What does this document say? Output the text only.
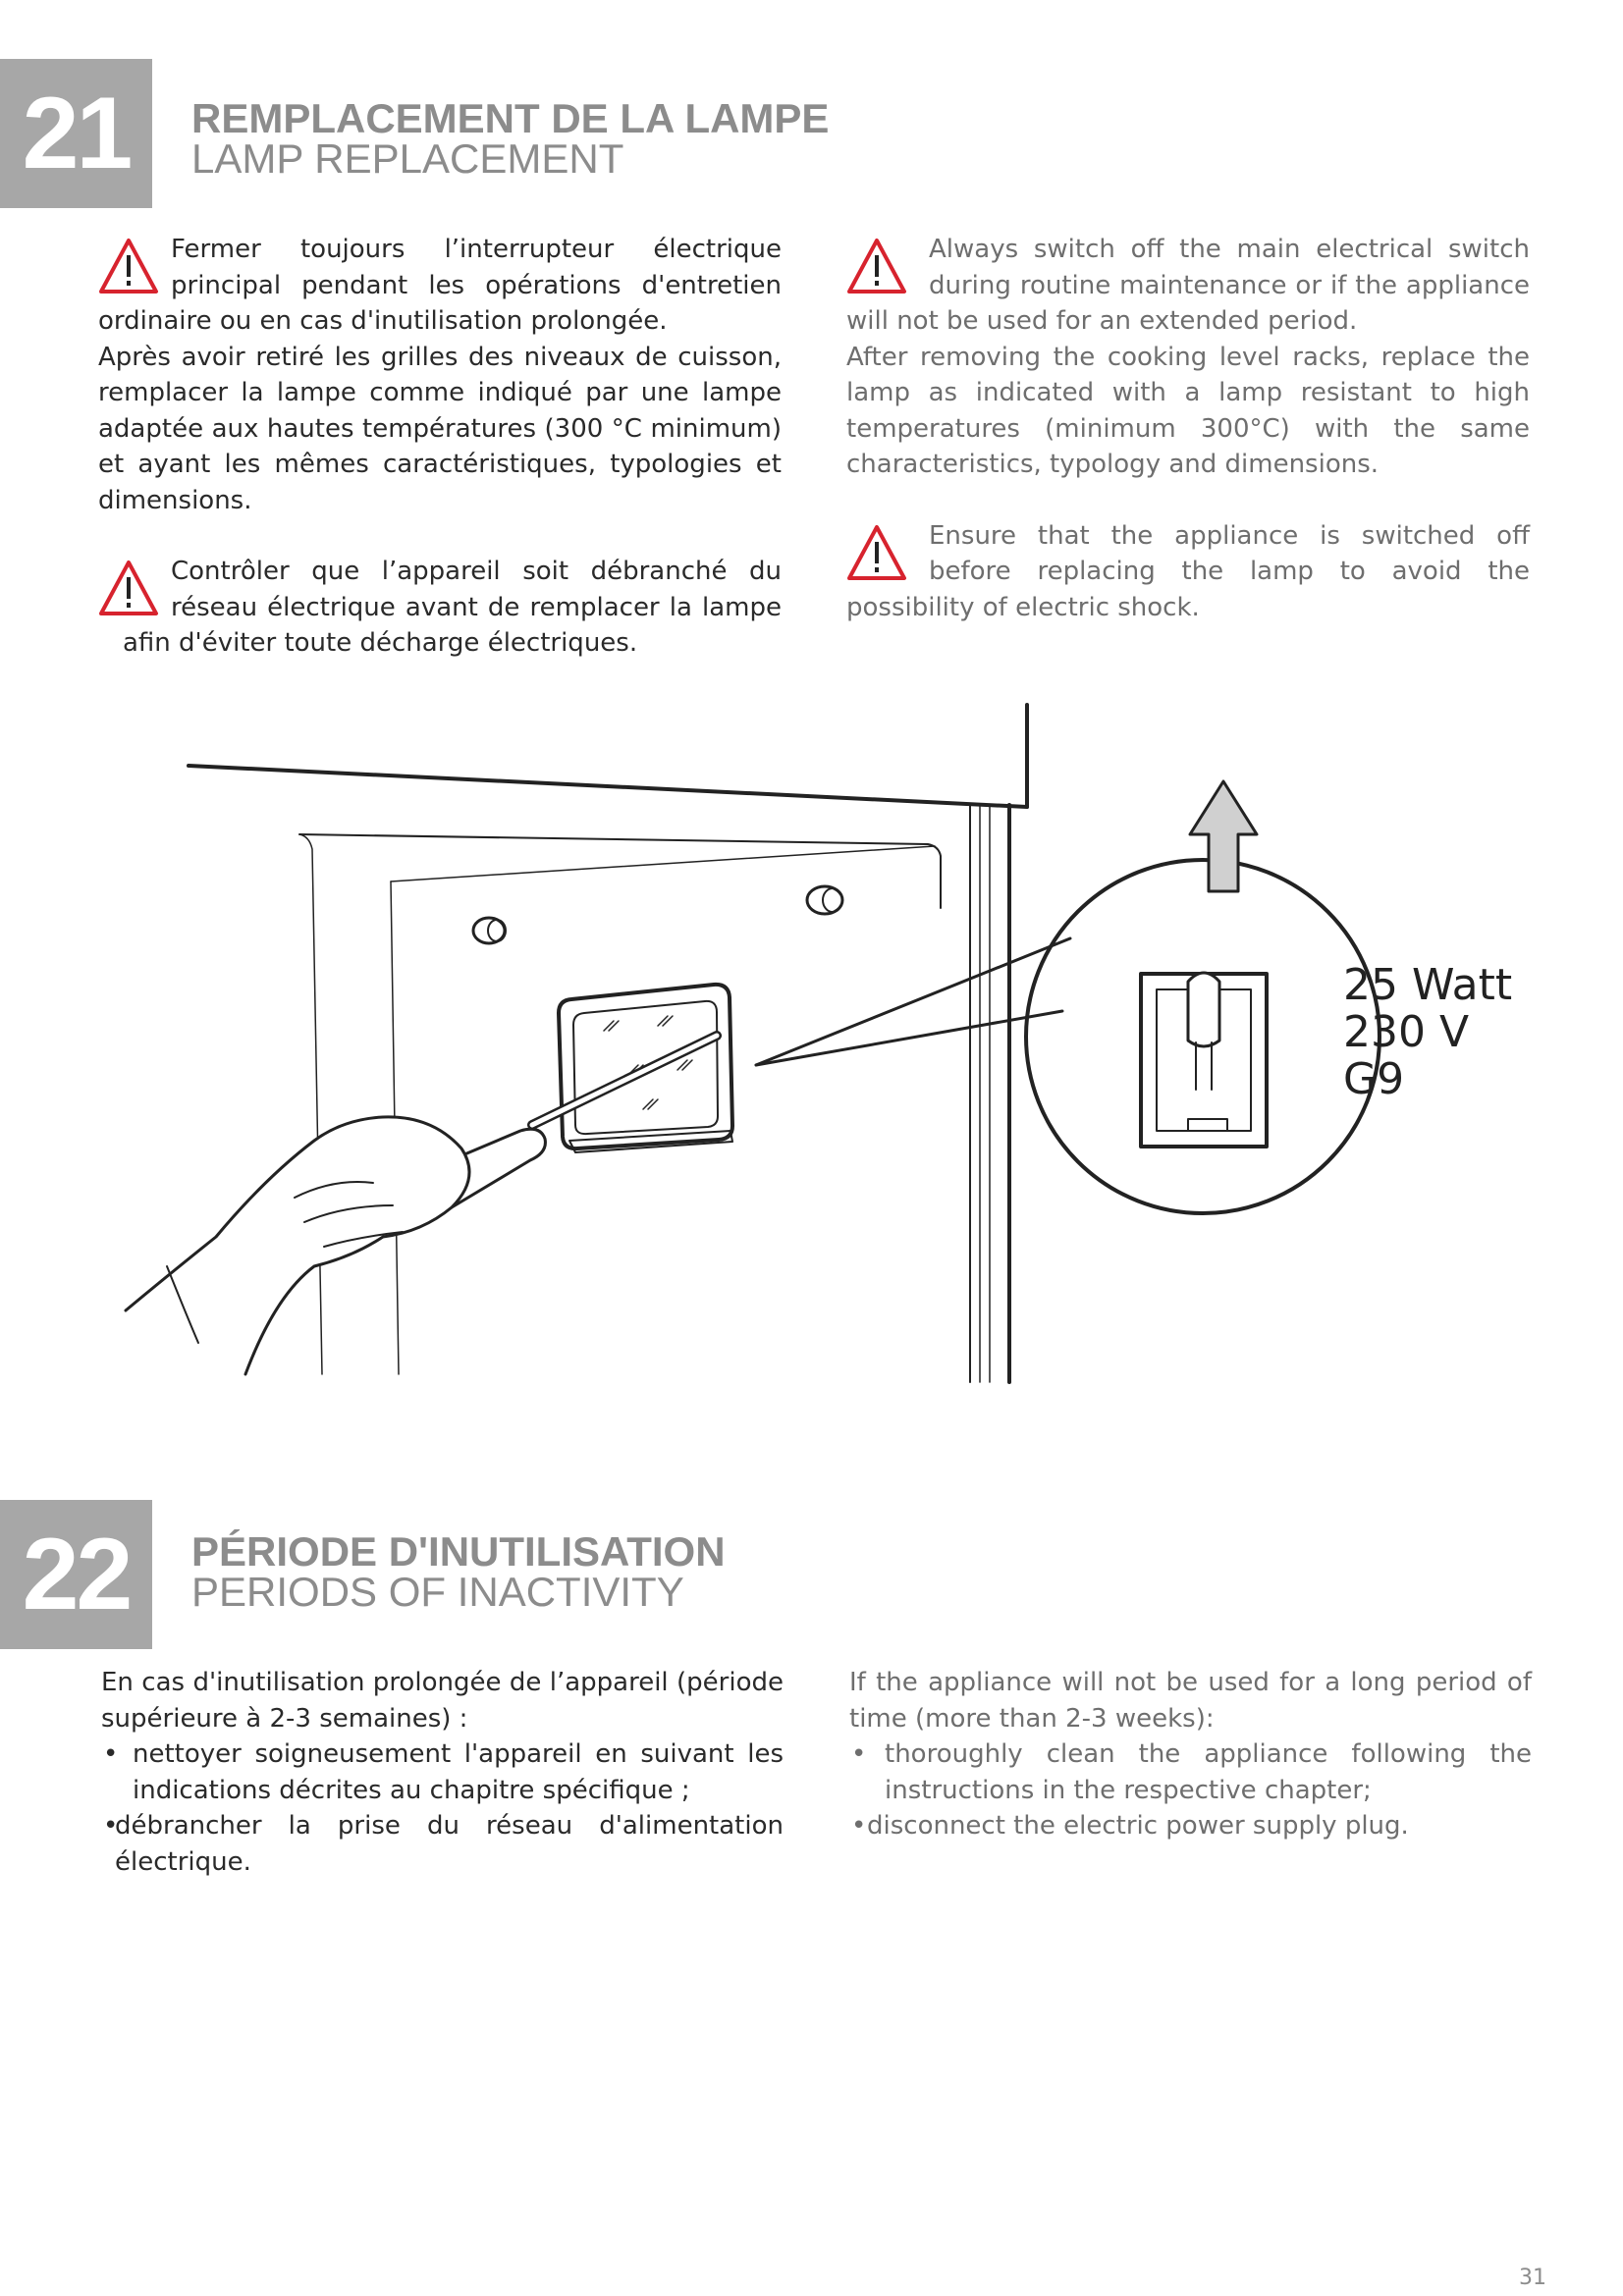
21	REMPLACEMENT DE LA LAMPE
LAMP REPLACEMENT

Fermer toujours l’interrupteur électrique principal pendant les opérations d'entretien ordinaire ou en cas d'inutilisation prolongée.

Après avoir retiré les grilles des niveaux de cuisson, remplacer la lampe comme indiqué par une lampe adaptée aux hautes températures (300 °C minimum) et ayant les mêmes caractéristiques, typologies et dimensions.

Contrôler que l’appareil soit débranché du réseau électrique avant de remplacer la lampe afin d'éviter toute décharge électriques.

Always switch off the main electrical switch during routine maintenance or if the appliance will not be used for an extended period.

After removing the cooking level racks, replace the lamp as indicated with a lamp resistant to high temperatures (minimum 300°C) with the same characteristics, typology and dimensions.

Ensure that the appliance is switched off before replacing the lamp to avoid the possibility of electric shock.

25 Watt
230 V
G9
22	PÉRIODE D'INUTILISATION
PERIODS OF INACTIVITY

En cas d'inutilisation prolongée de l’appareil (période supérieure à 2-3 semaines) :

• nettoyer soigneusement l'appareil en suivant les indications décrites au chapitre spécifique ;
•
débrancher la prise du réseau d'alimentation électrique.

If the appliance will not be used for a long period of time (more than 2-3 weeks):

• thoroughly clean the appliance following the instructions in the respective chapter;
• disconnect the electric power supply plug.
31
